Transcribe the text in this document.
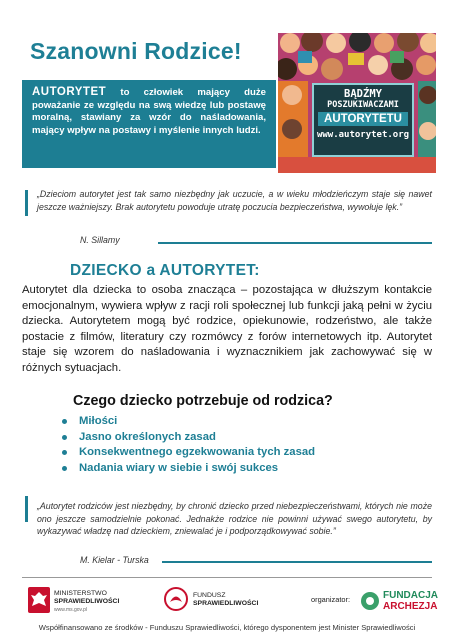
Szanowni Rodzice!
AUTORYTET to człowiek mający duże poważanie ze względu na swą wiedzę lub postawę moralną, stawiany za wzór do naśladowania, mający wpływ na postawy i myślenie innych ludzi.
BĄDŹMY
POSZUKIWACZAMI
AUTORYTETU
www.autorytet.org
„Dzieciom autorytet jest tak samo niezbędny jak uczucie, a w wieku młodzieńczym staje się nawet jeszcze ważniejszy. Brak autorytetu powoduje utratę poczucia bezpieczeństwa, wywołuje lęk.”
N. Sillamy
DZIECKO a AUTORYTET:
Autorytet dla dziecka to osoba znacząca – pozostająca w dłuższym kontakcie emocjonalnym, wywiera wpływ z racji roli społecznej lub funkcji jaką pełni w życiu dziecka. Autorytetem mogą być rodzice, opiekunowie, rodzeństwo, ale także postacie z filmów, literatury czy rozmówcy z forów internetowych itp. Autorytet staje się wzorem do naśladowania i wyznacznikiem jak zachowywać się w różnych sytuacjach.
Czego dziecko potrzebuje od rodzica?
Miłości
Jasno określonych zasad
Konsekwentnego egzekwowania tych zasad
Nadania wiary w siebie i swój sukces
„Autorytet rodziców jest niezbędny, by chronić dziecko przed niebezpieczeństwami, których nie może ono jeszcze samodzielnie pokonać. Jednakże rodzice nie powinni używać swego autorytetu, by wykazywać władzę nad dzieckiem, zniewalać je i podporządkowywać sobie.”
M. Kielar - Turska
MINISTERSTWO
SPRAWIEDLIWOŚCI
www.ms.gov.pl
FUNDUSZ
SPRAWIEDLIWOŚCI	organizator:	FUNDACJA
ARCHEZJA
Współfinansowano ze środków - Funduszu Sprawiedliwości, którego dysponentem jest Minister Sprawiedliwości
